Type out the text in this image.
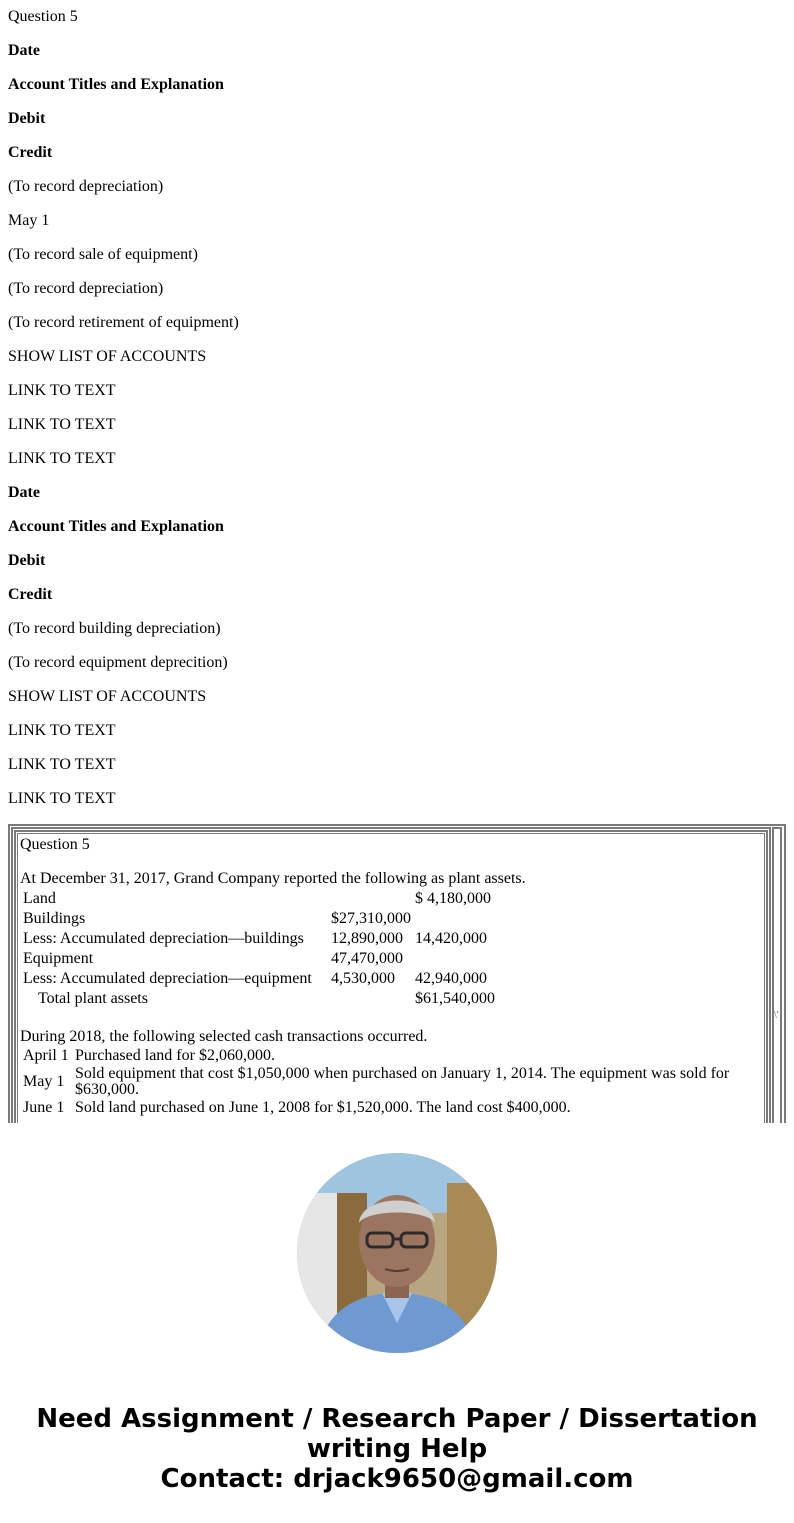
Question 5

Date

Account Titles and Explanation

Debit

Credit

(To record depreciation)

May 1

(To record sale of equipment)

(To record depreciation)

(To record retirement of equipment)

SHOW LIST OF ACCOUNTS

LINK TO TEXT

LINK TO TEXT

LINK TO TEXT

Date

Account Titles and Explanation

Debit

Credit

(To record building depreciation)

(To record equipment deprecition)

SHOW LIST OF ACCOUNTS

LINK TO TEXT

LINK TO TEXT

LINK TO TEXT

\'
Question 5
At December 31, 2017, Grand Company reported the following as plant assets.
Land		$ 4,180,000
Buildings	$27,310,000	
Less: Accumulated depreciation—buildings	12,890,000	14,420,000
Equipment	47,470,000	
Less: Accumulated depreciation—equipment	4,530,000	42,940,000
Total plant assets		$61,540,000
During 2018, the following selected cash transactions occurred.
April 1	Purchased land for $2,060,000.
May 1	Sold equipment that cost $1,050,000 when purchased on January 1, 2014. The equipment was sold for $630,000.
June 1	Sold land purchased on June 1, 2008 for $1,520,000. The land cost $400,000.
Need Assignment / Research Paper / Dissertation
writing Help
Contact: drjack9650@gmail.com
